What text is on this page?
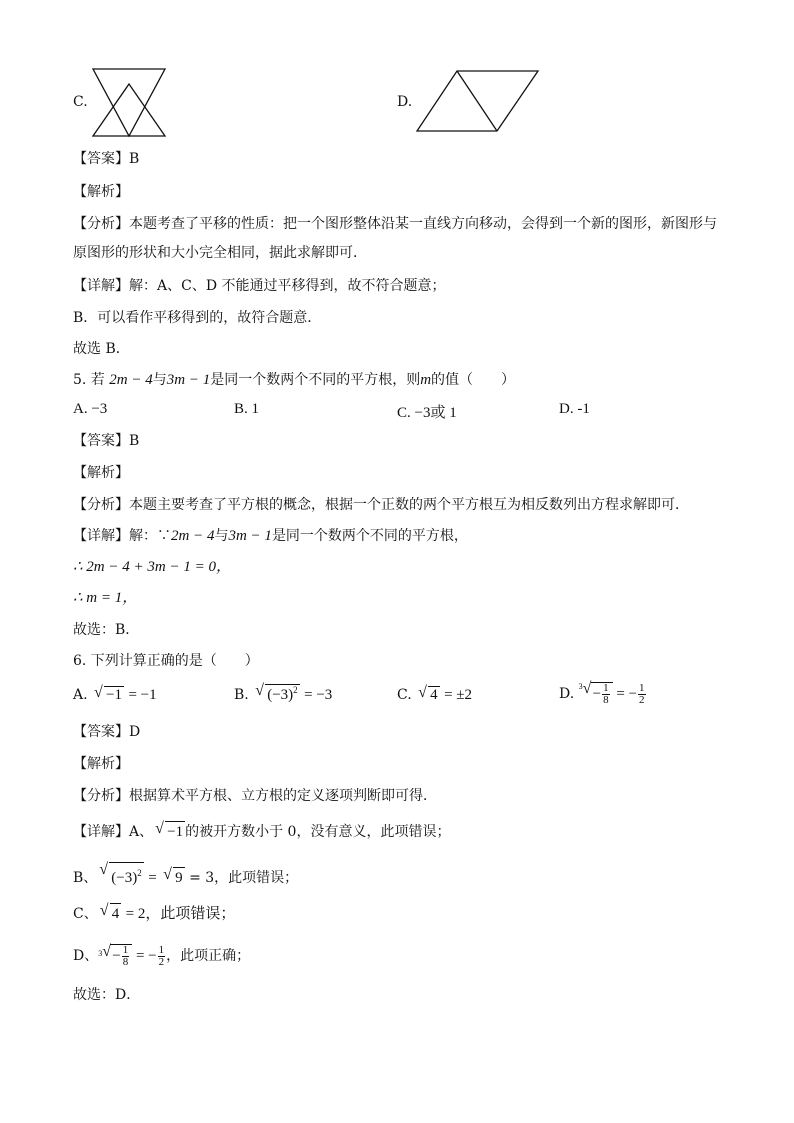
C.	D.
【答案】B
【解析】
【分析】本题考查了平移的性质：把一个图形整体沿某一直线方向移动，会得到一个新的图形，新图形与
原图形的形状和大小完全相同，据此求解即可．
【详解】解：A、C、D 不能通过平移得到，故不符合题意；
B．可以看作平移得到的，故符合题意．
故选 B．
5. 若 2m − 4与3m − 1是同一个数两个不同的平方根，则m的值（　　）
A. −3	B. 1	C. −3或 1	D. -1
【答案】B
【解析】
【分析】本题主要考查了平方根的概念，根据一个正数的两个平方根互为相反数列出方程求解即可．
【详解】解：∵2m − 4与3m − 1是同一个数两个不同的平方根，
∴ 2m − 4 + 3m − 1 = 0，
∴ m = 1，
故选：B．
6. 下列计算正确的是（　　）
A. √ −1 = −1	B. √ $(-3)^2 = -3$	C. √ 4 = ±2	D. $^3$ √ − $\frac{1}{8}$ = − $\frac{1}{2}$
【答案】D
【解析】
【分析】根据算术平方根、立方根的定义逐项判断即可得．
【详解】A、 √ −1 的被开方数小于 0，没有意义，此项错误；
B、 √ $(-3)^2$ = √ 9 = 3，此项错误；
C、 √ 4 = 2，此项错误；
D、$^3$ √ − $\frac{1}{8}$ = − $\frac{1}{2}$ ，此项正确；
故选：D．
